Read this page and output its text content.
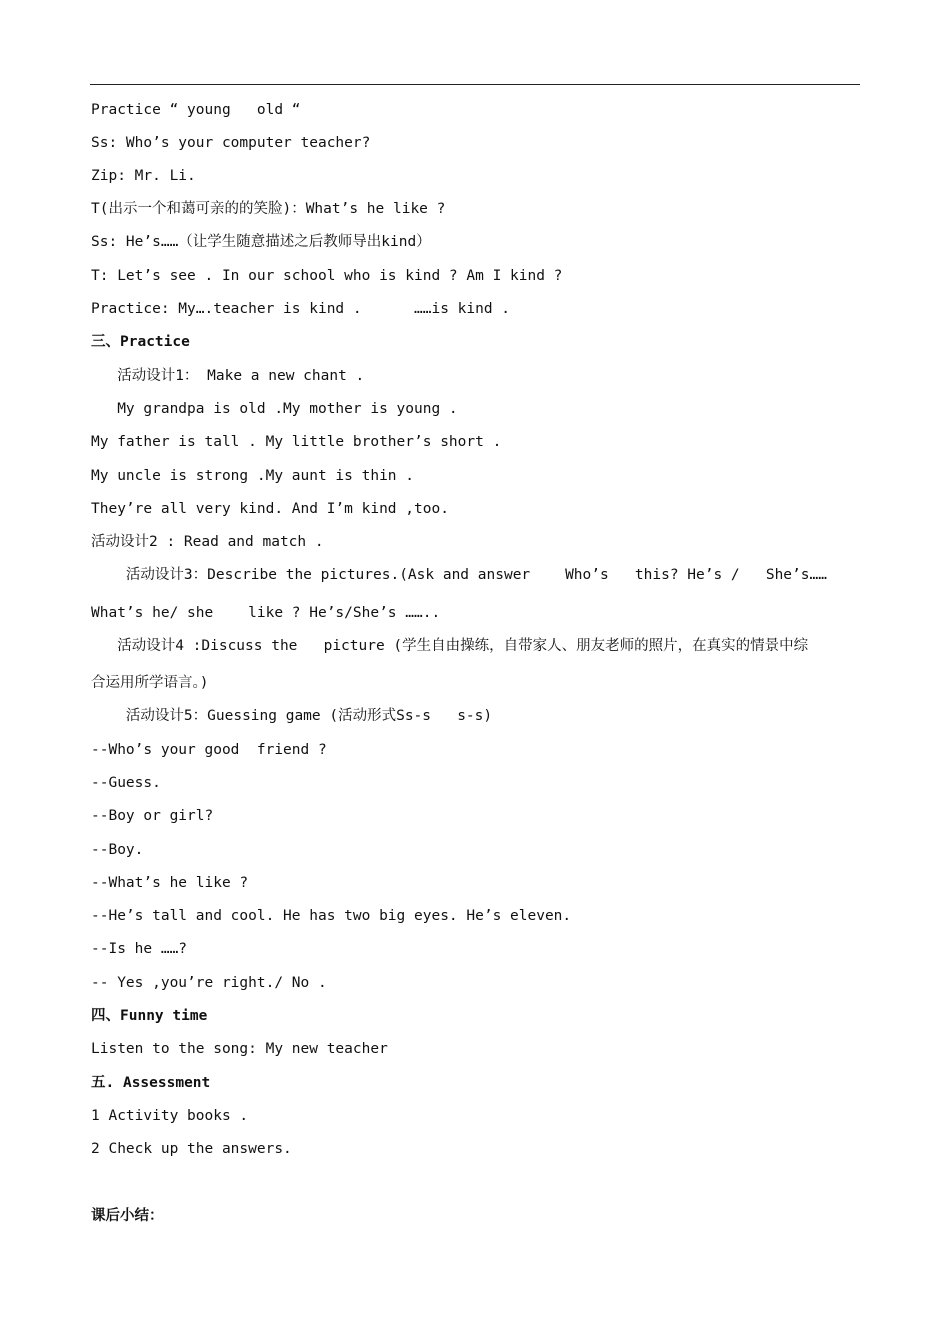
Practice “ young   old “
Ss: Who’s your computer teacher?
Zip: Mr. Li.
T(出示一个和蔼可亲的的笑脸)：What’s he like ?
Ss: He’s……（让学生随意描述之后教师导出kind）
T: Let’s see . In our school who is kind ? Am I kind ?
Practice: My….teacher is kind .      ……is kind .
三、Practice
活动设计1： Make a new chant .
My grandpa is old .My mother is young .
My father is tall . My little brother’s short .
My uncle is strong .My aunt is thin .
They’re all very kind. And I’m kind ,too.
活动设计2 : Read and match .
活动设计3：Describe the pictures.(Ask and answer    Who’s   this? He’s /   She’s……
What’s he/ she    like ? He’s/She’s ……..
活动设计4 :Discuss the   picture (学生自由操练，自带家人、朋友老师的照片，在真实的情景中综
合运用所学语言。)
活动设计5：Guessing game (活动形式Ss-s   s-s)
--Who’s your good  friend ?
--Guess.
--Boy or girl?
--Boy.
--What’s he like ?
--He’s tall and cool. He has two big eyes. He’s eleven.
--Is he ……?
-- Yes ,you’re right./ No .
四、Funny time
Listen to the song: My new teacher
五. Assessment
1 Activity books .
2 Check up the answers.
课后小结：
